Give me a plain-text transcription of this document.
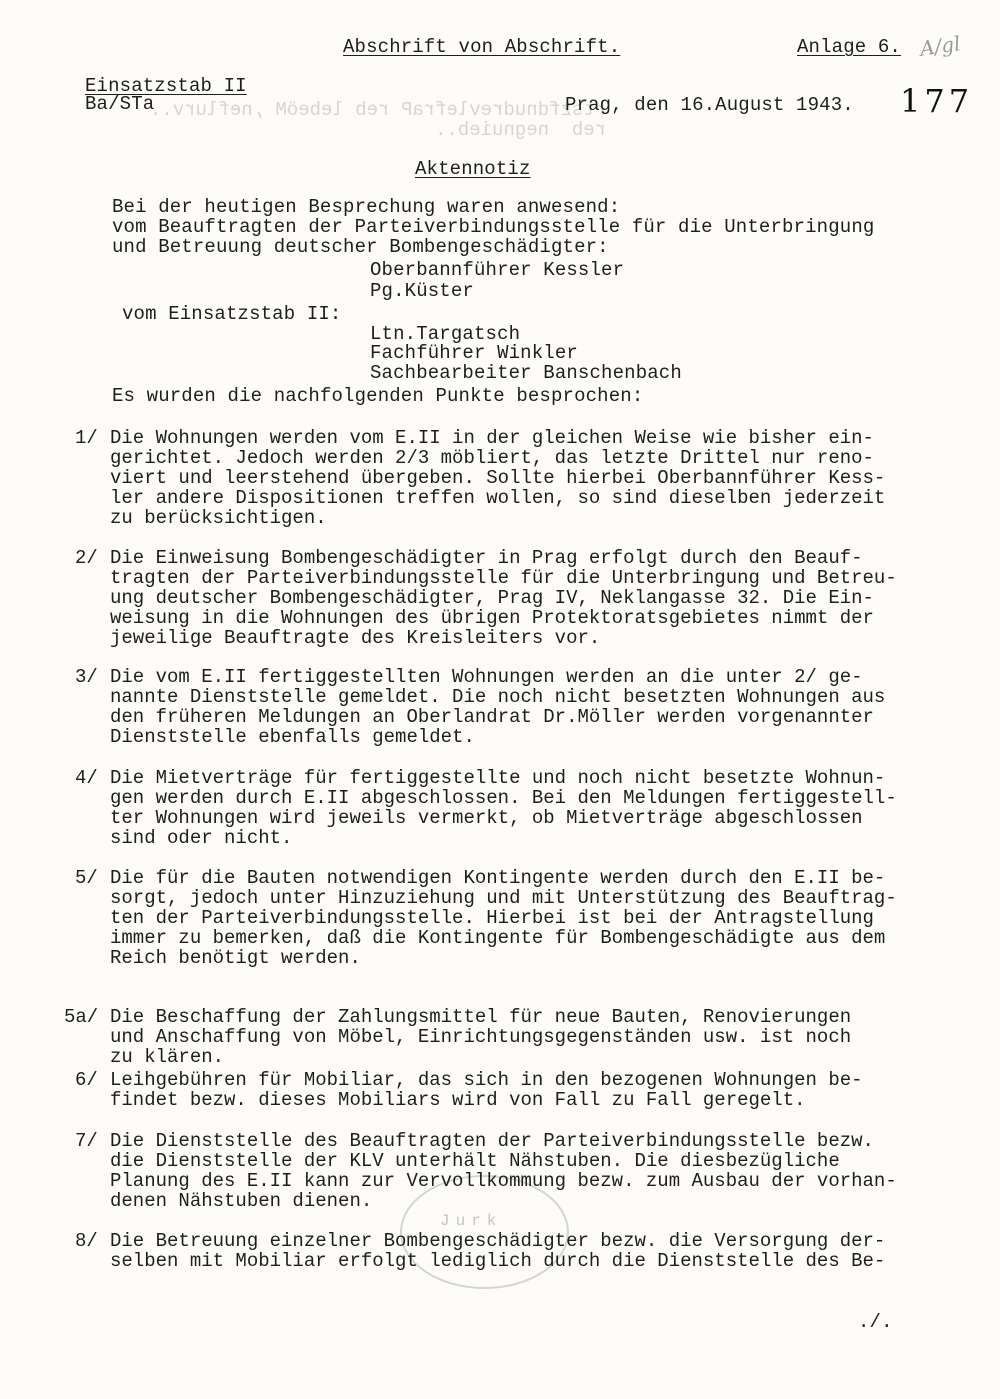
rtszfdnudrevlefraP reb lebeöM ,neflurv..
reb  negnuieb..
Jurk
Abschrift von Abschrift.	Anlage 6. A/gl
Einsatzstab II
Ba/STa	Prag, den 16.August 1943. 177
Aktennotiz
Bei der heutigen Besprechung waren anwesend:
vom Beauftragten der Parteiverbindungsstelle für die Unterbringung
und Betreuung deutscher Bombengeschädigter:
Oberbannführer Kessler
Pg.Küster
vom Einsatzstab II:
Ltn.Targatsch
Fachführer Winkler
Sachbearbeiter Banschenbach
Es wurden die nachfolgenden Punkte besprochen:
1/ Die Wohnungen werden vom E.II in der gleichen Weise wie bisher ein-
gerichtet. Jedoch werden 2/3 möbliert, das letzte Drittel nur reno-
viert und leerstehend übergeben. Sollte hierbei Oberbannführer Kess-
ler andere Dispositionen treffen wollen, so sind dieselben jederzeit
zu berücksichtigen.
2/ Die Einweisung Bombengeschädigter in Prag erfolgt durch den Beauf-
tragten der Parteiverbindungsstelle für die Unterbringung und Betreu-
ung deutscher Bombengeschädigter, Prag IV, Neklangasse 32. Die Ein-
weisung in die Wohnungen des übrigen Protektoratsgebietes nimmt der
jeweilige Beauftragte des Kreisleiters vor.
3/ Die vom E.II fertiggestellten Wohnungen werden an die unter 2/ ge-
nannte Dienststelle gemeldet. Die noch nicht besetzten Wohnungen aus
den früheren Meldungen an Oberlandrat Dr.Möller werden vorgenannter
Dienststelle ebenfalls gemeldet.
4/ Die Mietverträge für fertiggestellte und noch nicht besetzte Wohnun-
gen werden durch E.II abgeschlossen. Bei den Meldungen fertiggestell-
ter Wohnungen wird jeweils vermerkt, ob Mietverträge abgeschlossen
sind oder nicht.
5/ Die für die Bauten notwendigen Kontingente werden durch den E.II be-
sorgt, jedoch unter Hinzuziehung und mit Unterstützung des Beauftrag-
ten der Parteiverbindungsstelle. Hierbei ist bei der Antragstellung
immer zu bemerken, daß die Kontingente für Bombengeschädigte aus dem
Reich benötigt werden.
5a/ Die Beschaffung der Zahlungsmittel für neue Bauten, Renovierungen
und Anschaffung von Möbel, Einrichtungsgegenständen usw. ist noch
zu klären.
6/ Leihgebühren für Mobiliar, das sich in den bezogenen Wohnungen be-
findet bezw. dieses Mobiliars wird von Fall zu Fall geregelt.
7/ Die Dienststelle des Beauftragten der Parteiverbindungsstelle bezw.
die Dienststelle der KLV unterhält Nähstuben. Die diesbezügliche
Planung des E.II kann zur Vervollkommung bezw. zum Ausbau der vorhan-
denen Nähstuben dienen.
8/ Die Betreuung einzelner Bombengeschädigter bezw. die Versorgung der-
selben mit Mobiliar erfolgt lediglich durch die Dienststelle des Be-
./.
